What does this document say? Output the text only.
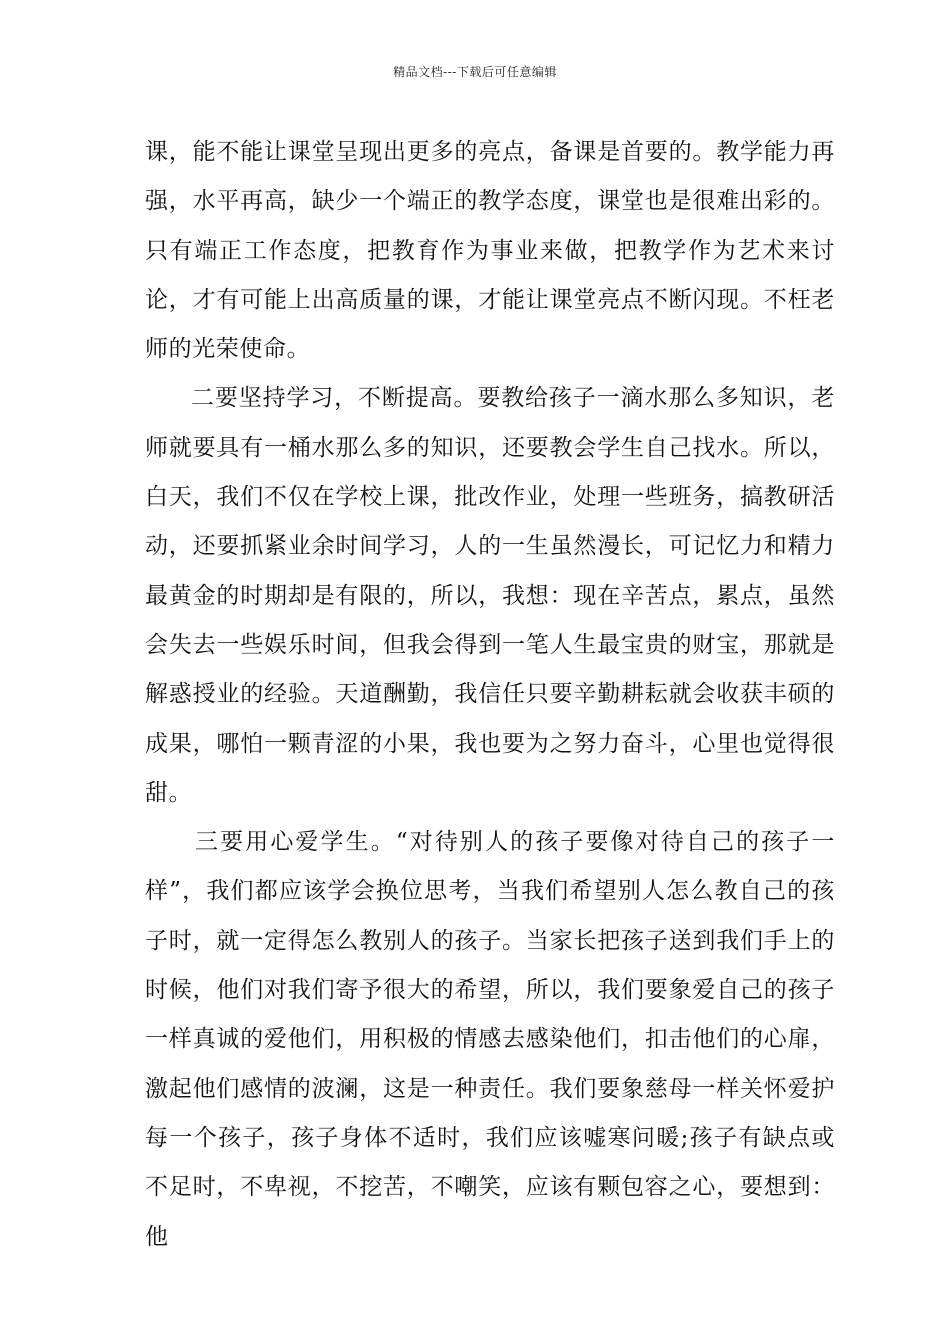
精品文档---下载后可任意编辑

课，能不能让课堂呈现出更多的亮点，备课是首要的。教学能力再强，水平再高，缺少一个端正的教学态度，课堂也是很难出彩的。只有端正工作态度，把教育作为事业来做，把教学作为艺术来讨论，才有可能上出高质量的课，才能让课堂亮点不断闪现。不枉老师的光荣使命。

二要坚持学习，不断提高。要教给孩子一滴水那么多知识，老师就要具有一桶水那么多的知识，还要教会学生自己找水。所以，白天，我们不仅在学校上课，批改作业，处理一些班务，搞教研活动，还要抓紧业余时间学习，人的一生虽然漫长，可记忆力和精力最黄金的时期却是有限的，所以，我想：现在辛苦点，累点，虽然会失去一些娱乐时间，但我会得到一笔人生最宝贵的财宝，那就是解惑授业的经验。天道酬勤，我信任只要辛勤耕耘就会收获丰硕的成果，哪怕一颗青涩的小果，我也要为之努力奋斗，心里也觉得很甜。

三要用心爱学生。“对待别人的孩子要像对待自己的孩子一样”，我们都应该学会换位思考，当我们希望别人怎么教自己的孩子时，就一定得怎么教别人的孩子。当家长把孩子送到我们手上的时候，他们对我们寄予很大的希望，所以，我们要象爱自己的孩子一样真诚的爱他们，用积极的情感去感染他们，扣击他们的心扉，激起他们感情的波澜，这是一种责任。我们要象慈母一样关怀爱护每一个孩子，孩子身体不适时，我们应该嘘寒问暖;孩子有缺点或不足时，不卑视，不挖苦，不嘲笑，应该有颗包容之心，要想到：他
